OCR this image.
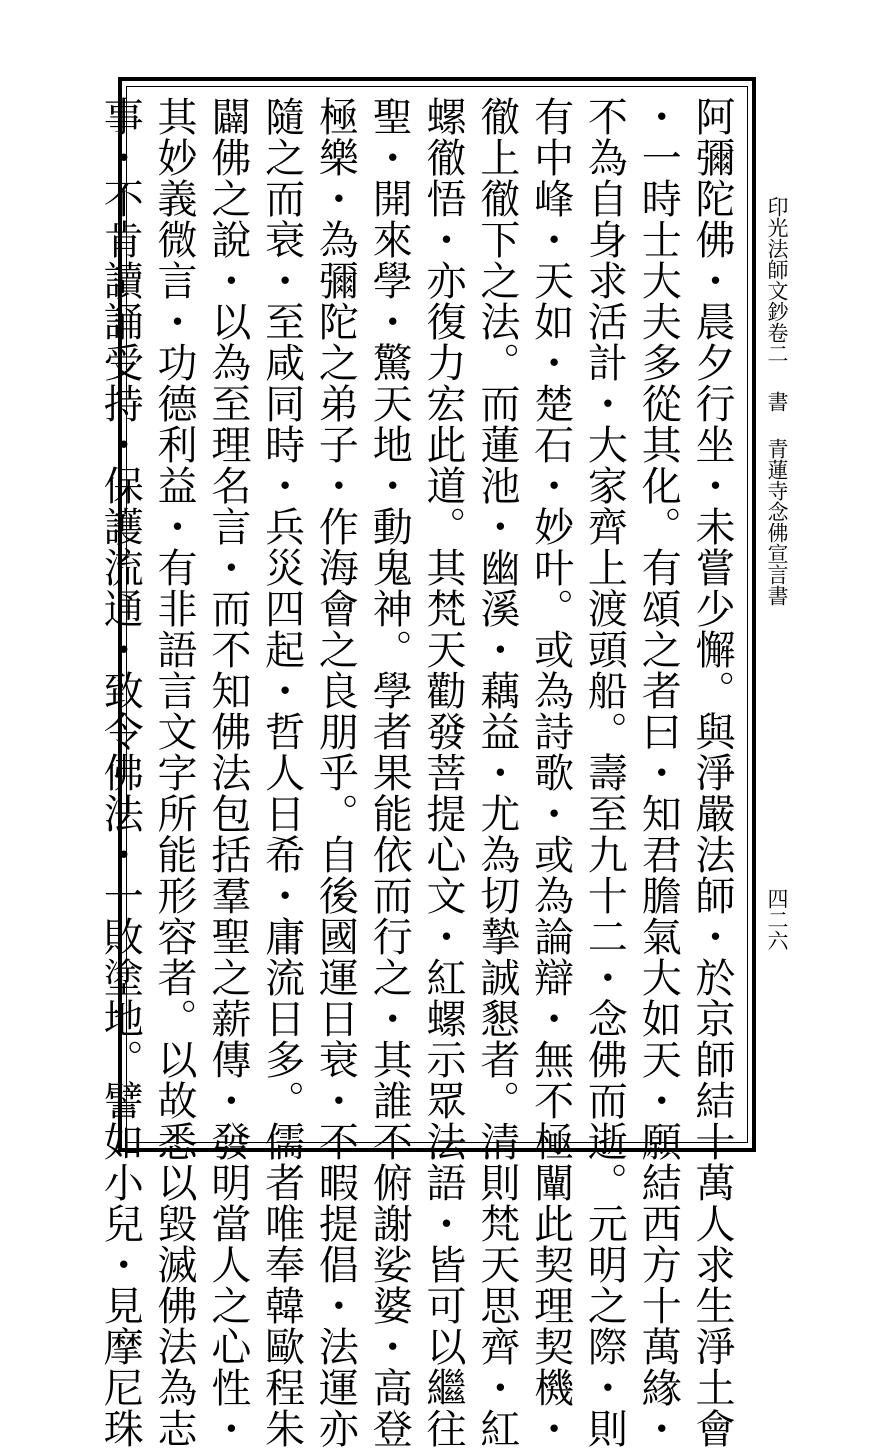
印光法師文鈔卷二 書 青蓮寺念佛宣言書
四二六
阿彌陀佛・晨夕行坐・未嘗少懈。與淨嚴法師・於京師結十萬人求生淨土會
・一時士大夫多從其化。有頌之者曰・知君膽氣大如天・願結西方十萬緣・
不為自身求活計・大家齊上渡頭船。壽至九十二・念佛而逝。元明之際・則
有中峰・天如・楚石・妙叶。或為詩歌・或為論辯・無不極闡此契理契機・
徹上徹下之法。而蓮池・幽溪・藕益・尤為切摯誠懇者。清則梵天思齊・紅
螺徹悟・亦復力宏此道。其梵天勸發菩提心文・紅螺示眾法語・皆可以繼往
聖・開來學・驚天地・動鬼神。學者果能依而行之・其誰不俯謝娑婆・高登
極樂・為彌陀之弟子・作海會之良朋乎。自後國運日衰・不暇提倡・法運亦
隨之而衰・至咸同時・兵災四起・哲人日希・庸流日多。儒者唯奉韓歐程朱
闢佛之說・以為至理名言・而不知佛法包括羣聖之薪傳・發明當人之心性・
其妙義微言・功德利益・有非語言文字所能形容者。以故悉以毀滅佛法為志
事・不肯讀誦受持・保護流通・致令佛法・一敗塗地。譬如小兒・見摩尼珠
